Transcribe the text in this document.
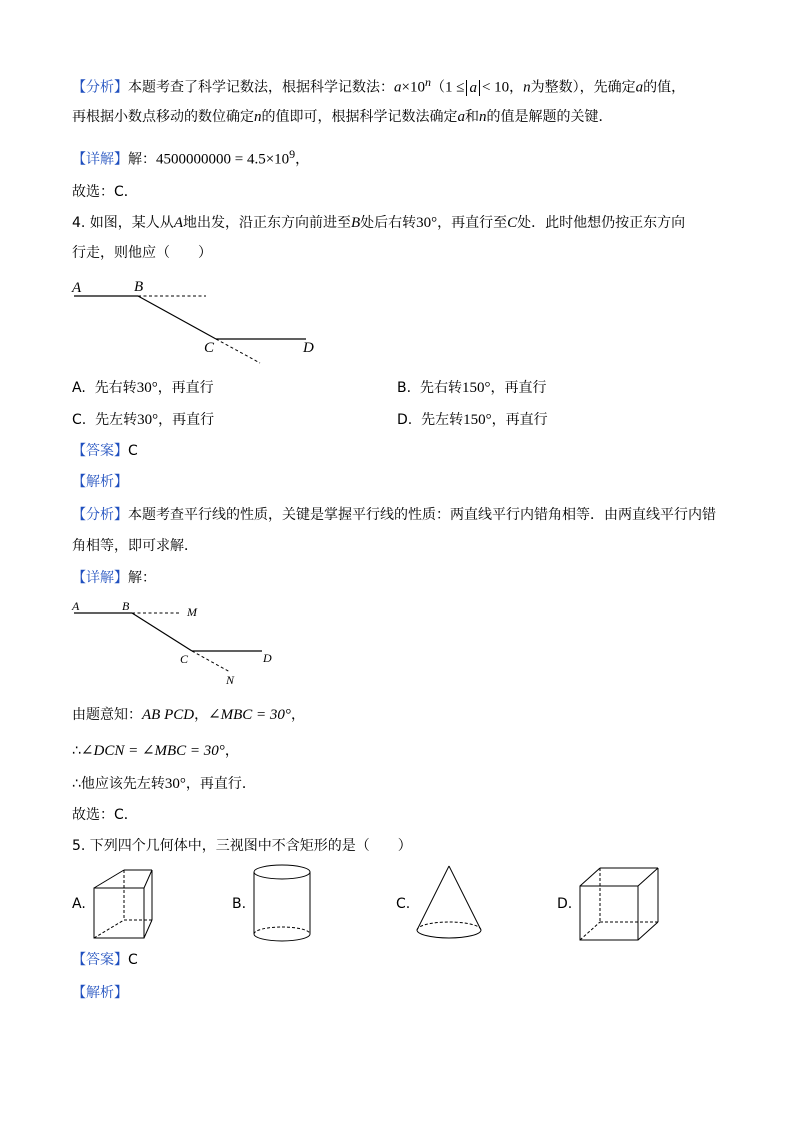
【分析】本题考查了科学记数法，根据科学记数法：$a\times 10^n(1 \le a < 10$，n为整数），先确定a的值，
再根据小数点移动的数位确定n的值即可，根据科学记数法确定a和n的值是解题的关键．
【详解】解：$4500000000 = 4.5\times 10^9$，
故选：C．
4. 如图，某人从A地出发，沿正东方向前进至B处后右转30°，再直行至C处．此时他想仍按正东方向
行走，则他应（　　）
A	B
C	D
A. 先右转30°，再直行	B. 先右转150°，再直行
C. 先左转30°，再直行	D. 先左转150°，再直行
【答案】C
【解析】
【分析】本题考查平行线的性质，关键是掌握平行线的性质：两直线平行内错角相等．由两直线平行内错
角相等，即可求解．
【详解】解：
A	B	M
C	D
N
由题意知：AB PCD，∠MBC = 30°，
∴∠DCN = ∠MBC = 30°，
∴他应该先左转30°，再直行．
故选：C．
5. 下列四个几何体中，三视图中不含矩形的是（　　）
A.	B.	C.	D.
【答案】C
【解析】
